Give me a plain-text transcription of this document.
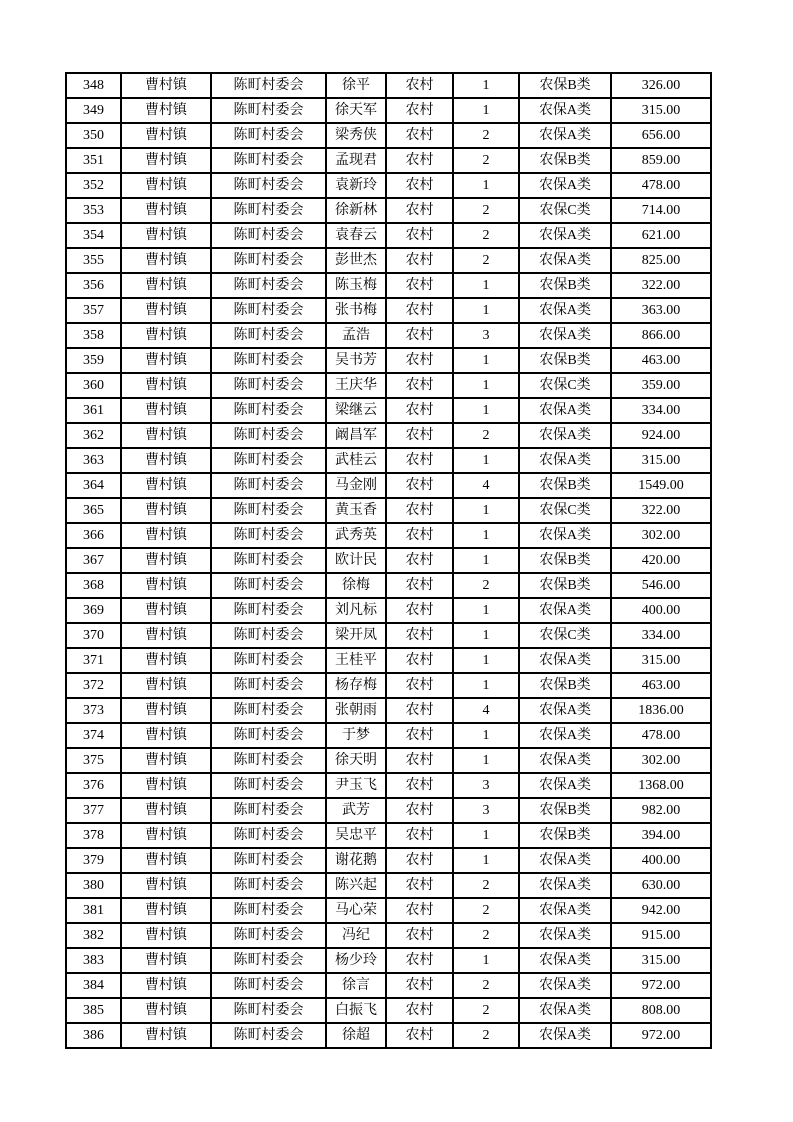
348	曹村镇	陈町村委会	徐平	农村	1	农保B类	326.00
349	曹村镇	陈町村委会	徐天军	农村	1	农保A类	315.00
350	曹村镇	陈町村委会	梁秀侠	农村	2	农保A类	656.00
351	曹村镇	陈町村委会	孟现君	农村	2	农保B类	859.00
352	曹村镇	陈町村委会	袁新玲	农村	1	农保A类	478.00
353	曹村镇	陈町村委会	徐新林	农村	2	农保C类	714.00
354	曹村镇	陈町村委会	袁春云	农村	2	农保A类	621.00
355	曹村镇	陈町村委会	彭世杰	农村	2	农保A类	825.00
356	曹村镇	陈町村委会	陈玉梅	农村	1	农保B类	322.00
357	曹村镇	陈町村委会	张书梅	农村	1	农保A类	363.00
358	曹村镇	陈町村委会	孟浩	农村	3	农保A类	866.00
359	曹村镇	陈町村委会	吴书芳	农村	1	农保B类	463.00
360	曹村镇	陈町村委会	王庆华	农村	1	农保C类	359.00
361	曹村镇	陈町村委会	梁继云	农村	1	农保A类	334.00
362	曹村镇	陈町村委会	阚昌军	农村	2	农保A类	924.00
363	曹村镇	陈町村委会	武桂云	农村	1	农保A类	315.00
364	曹村镇	陈町村委会	马金刚	农村	4	农保B类	1549.00
365	曹村镇	陈町村委会	黄玉香	农村	1	农保C类	322.00
366	曹村镇	陈町村委会	武秀英	农村	1	农保A类	302.00
367	曹村镇	陈町村委会	欧计民	农村	1	农保B类	420.00
368	曹村镇	陈町村委会	徐梅	农村	2	农保B类	546.00
369	曹村镇	陈町村委会	刘凡标	农村	1	农保A类	400.00
370	曹村镇	陈町村委会	梁开凤	农村	1	农保C类	334.00
371	曹村镇	陈町村委会	王桂平	农村	1	农保A类	315.00
372	曹村镇	陈町村委会	杨存梅	农村	1	农保B类	463.00
373	曹村镇	陈町村委会	张朝雨	农村	4	农保A类	1836.00
374	曹村镇	陈町村委会	于梦	农村	1	农保A类	478.00
375	曹村镇	陈町村委会	徐天明	农村	1	农保A类	302.00
376	曹村镇	陈町村委会	尹玉飞	农村	3	农保A类	1368.00
377	曹村镇	陈町村委会	武芳	农村	3	农保B类	982.00
378	曹村镇	陈町村委会	吴忠平	农村	1	农保B类	394.00
379	曹村镇	陈町村委会	谢花鹅	农村	1	农保A类	400.00
380	曹村镇	陈町村委会	陈兴起	农村	2	农保A类	630.00
381	曹村镇	陈町村委会	马心荣	农村	2	农保A类	942.00
382	曹村镇	陈町村委会	冯纪	农村	2	农保A类	915.00
383	曹村镇	陈町村委会	杨少玲	农村	1	农保A类	315.00
384	曹村镇	陈町村委会	徐言	农村	2	农保A类	972.00
385	曹村镇	陈町村委会	白振飞	农村	2	农保A类	808.00
386	曹村镇	陈町村委会	徐超	农村	2	农保A类	972.00
